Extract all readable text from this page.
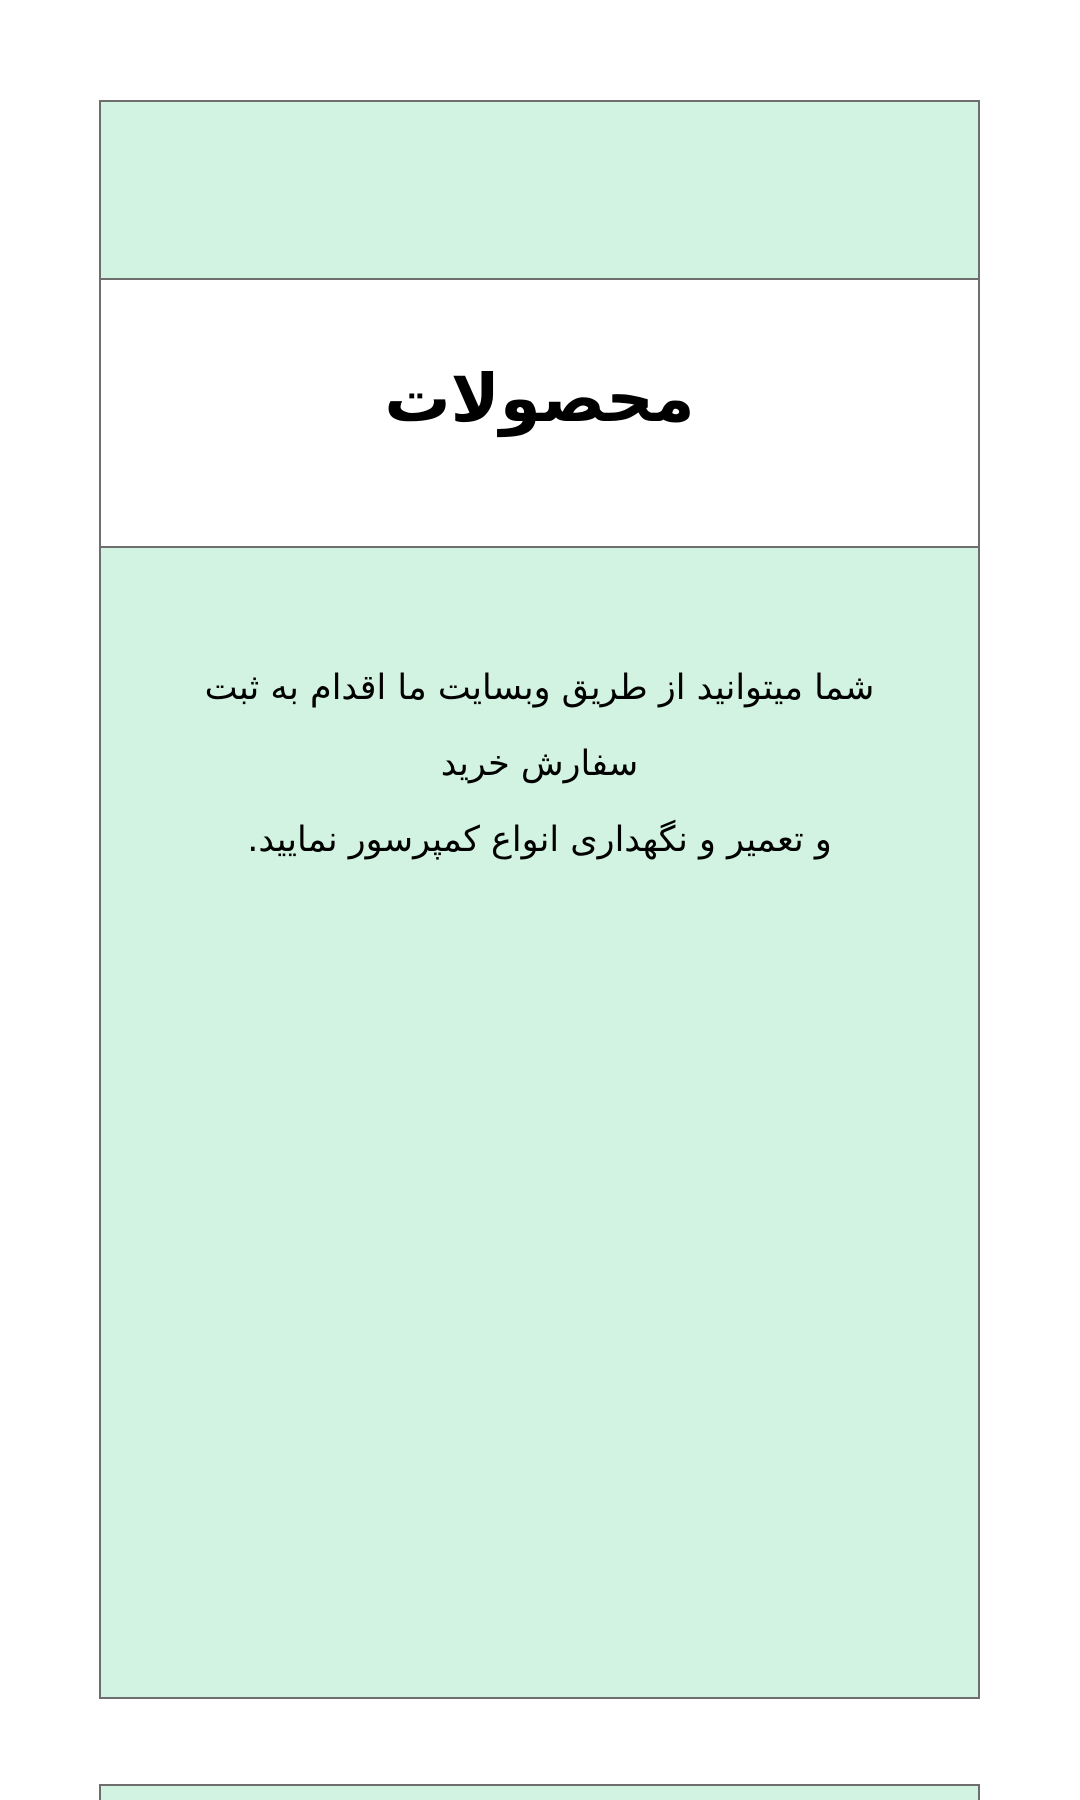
محصولات

شما میتوانید از طریق وبسایت ما اقدام به ثبت سفارش خرید

و تعمیر و نگهداری انواع کمپرسور نمایید.
